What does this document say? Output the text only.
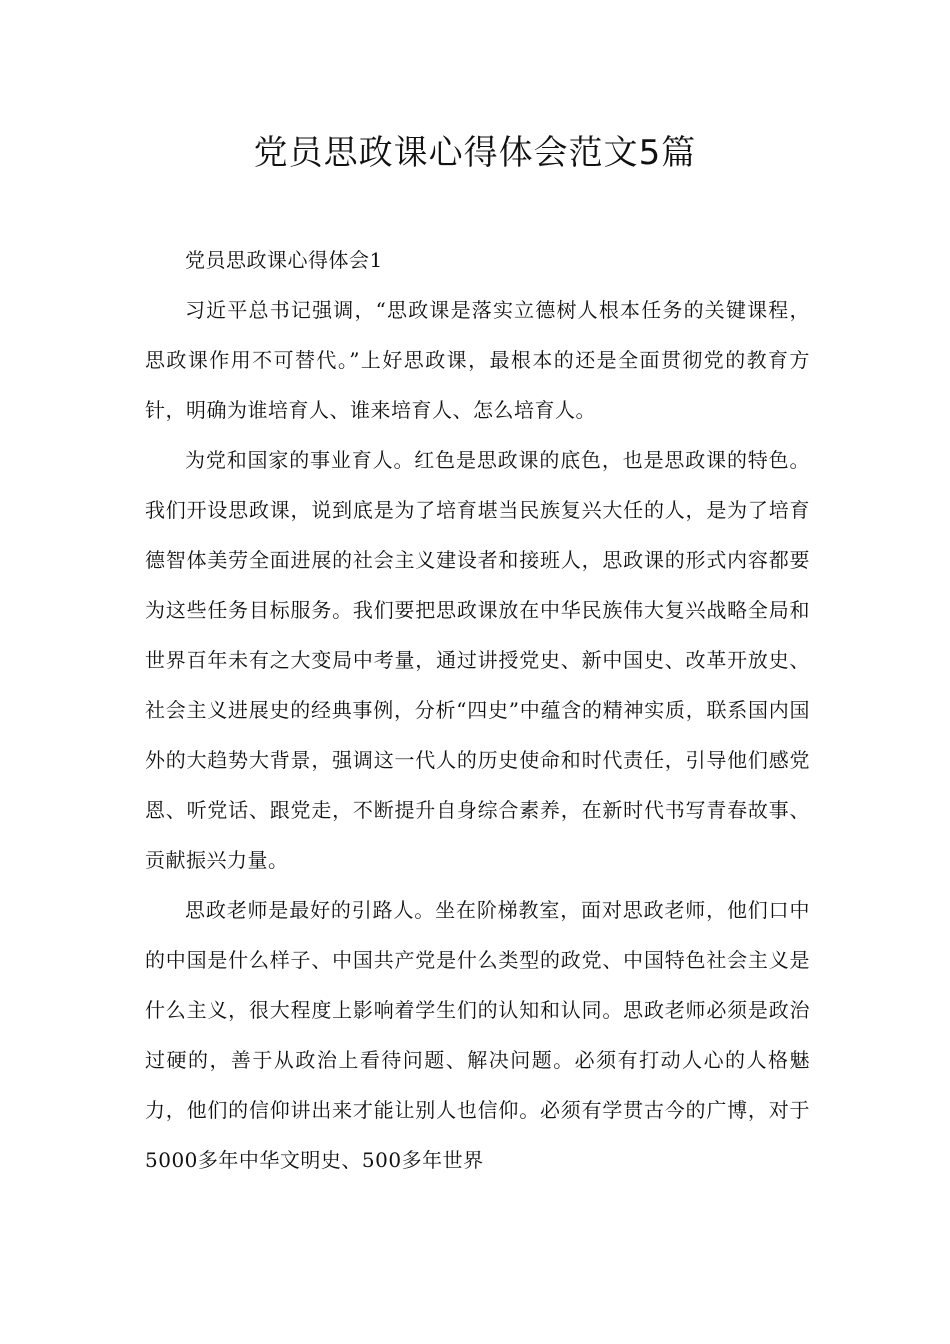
党员思政课心得体会范文5篇

党员思政课心得体会1

习近平总书记强调，“思政课是落实立德树人根本任务的关键课程，思政课作用不可替代。”上好思政课，最根本的还是全面贯彻党的教育方针，明确为谁培育人、谁来培育人、怎么培育人。

为党和国家的事业育人。红色是思政课的底色，也是思政课的特色。我们开设思政课，说到底是为了培育堪当民族复兴大任的人，是为了培育德智体美劳全面进展的社会主义建设者和接班人，思政课的形式内容都要为这些任务目标服务。我们要把思政课放在中华民族伟大复兴战略全局和世界百年未有之大变局中考量，通过讲授党史、新中国史、改革开放史、社会主义进展史的经典事例，分析“四史”中蕴含的精神实质，联系国内国外的大趋势大背景，强调这一代人的历史使命和时代责任，引导他们感党恩、听党话、跟党走，不断提升自身综合素养，在新时代书写青春故事、贡献振兴力量。

思政老师是最好的引路人。坐在阶梯教室，面对思政老师，他们口中的中国是什么样子、中国共产党是什么类型的政党、中国特色社会主义是什么主义，很大程度上影响着学生们的认知和认同。思政老师必须是政治过硬的，善于从政治上看待问题、解决问题。必须有打动人心的人格魅力，他们的信仰讲出来才能让别人也信仰。必须有学贯古今的广博，对于5000多年中华文明史、500多年世界
